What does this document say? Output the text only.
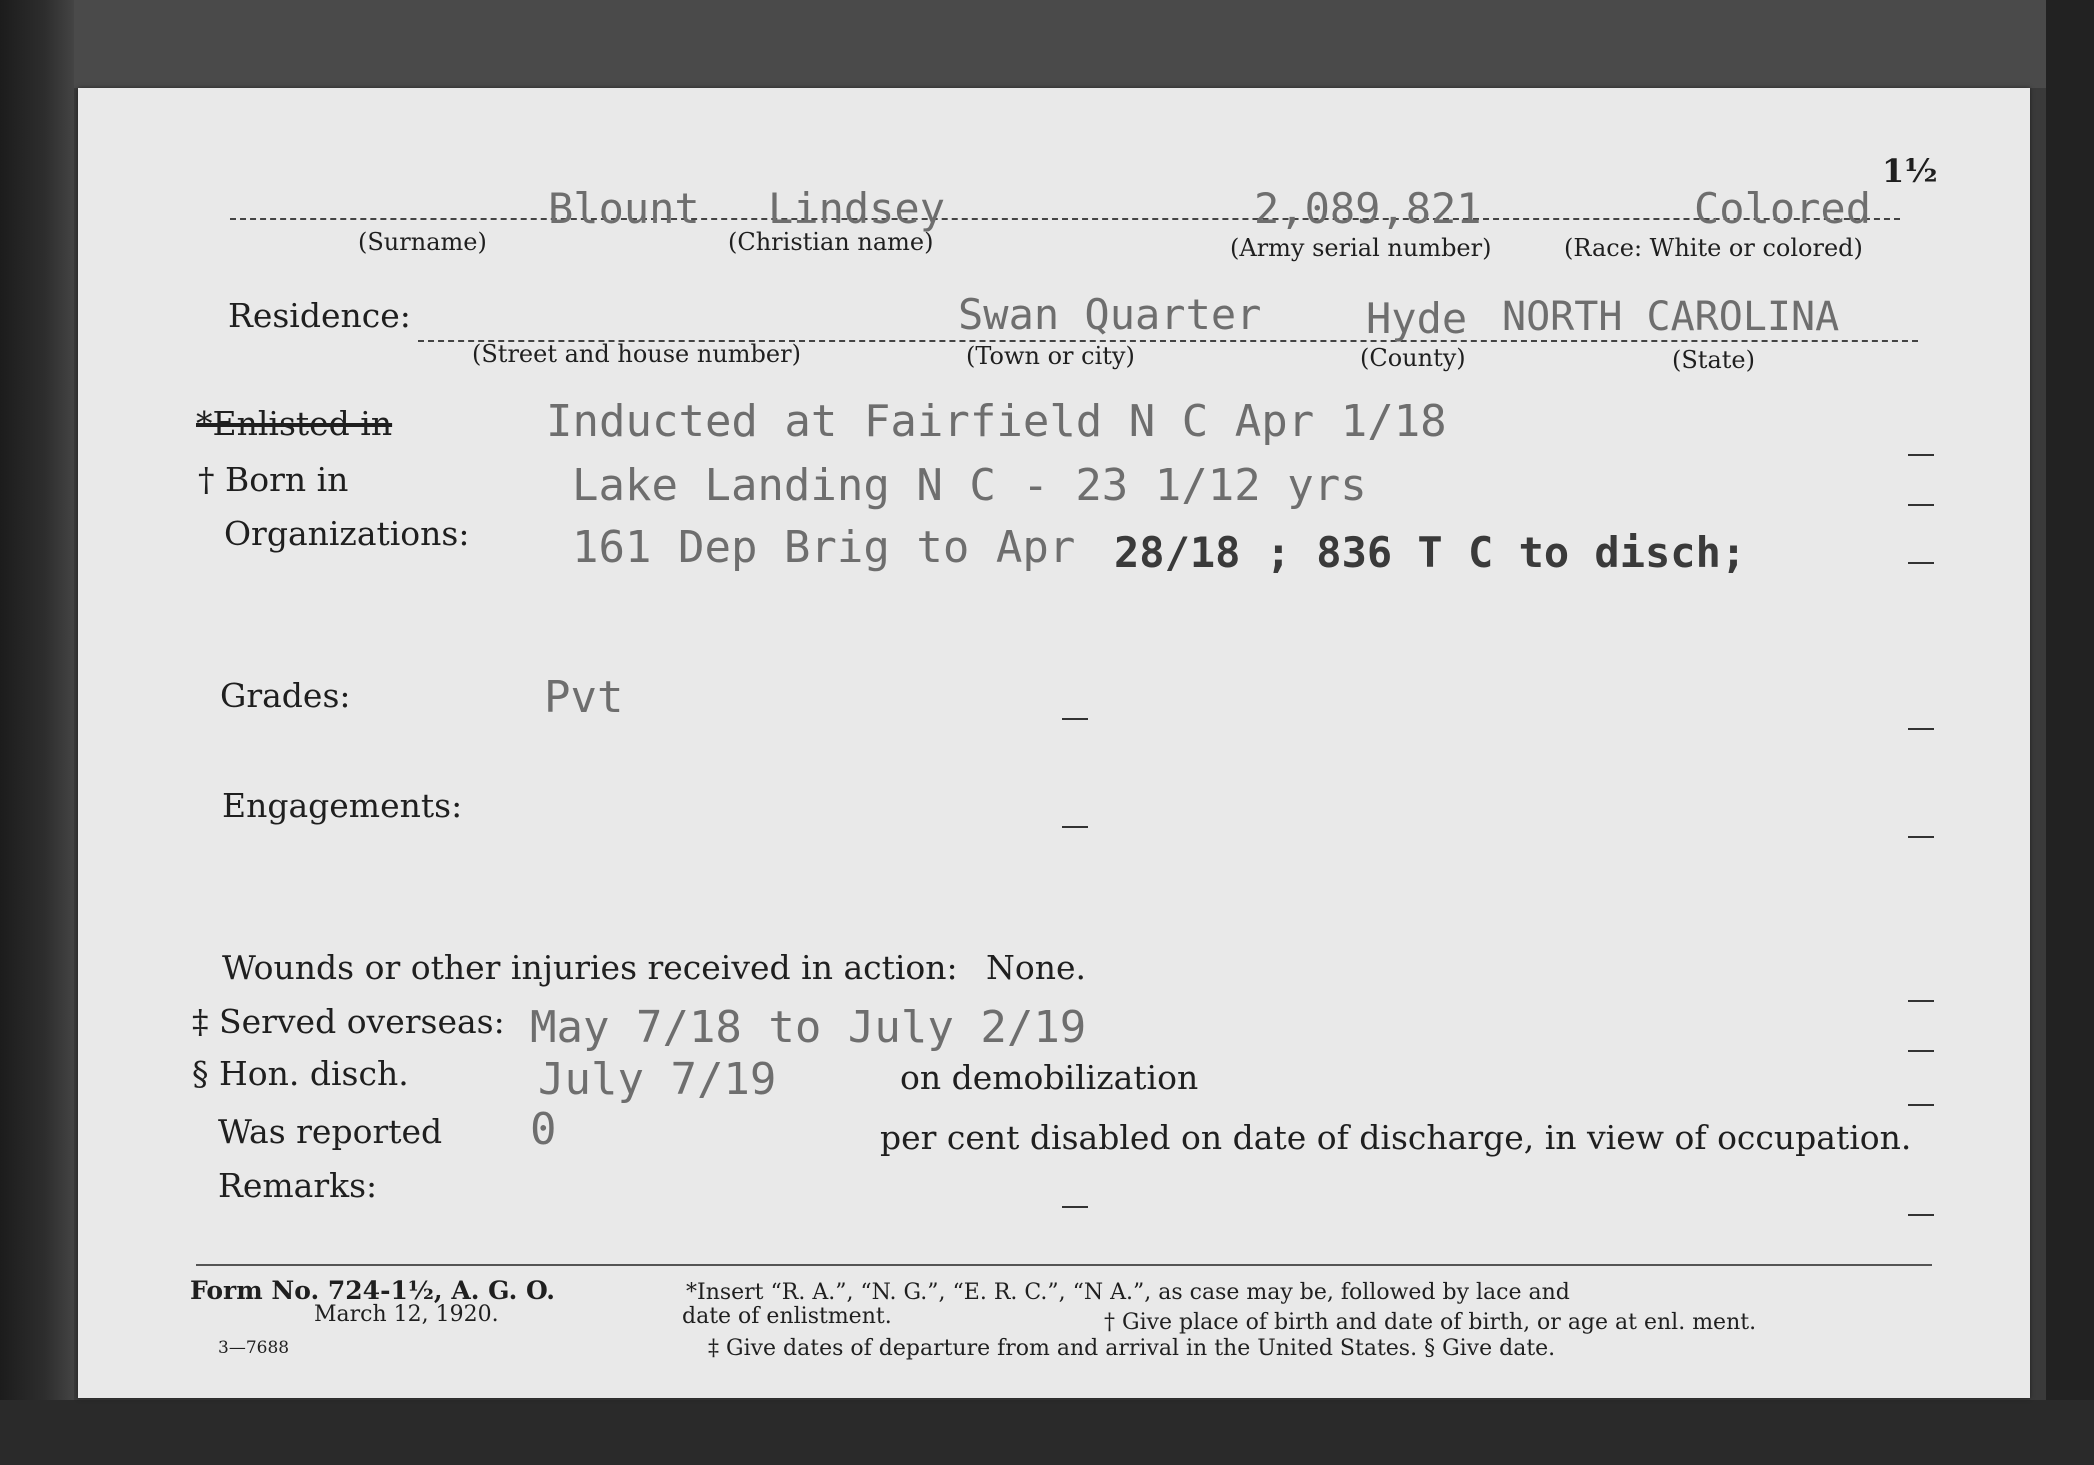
1½
Blount Lindsey	2,089,821	Colored
(Surname)	(Christian name)	(Army serial number)	(Race: White or colored)
Residence:	Swan Quarter Hyde NORTH CAROLINA
(Street and house number)	(Town or city)	(County)	(State)
*Enlisted in	Inducted at Fairfield N C Apr 1/18
† Born in	Lake Landing N C - 23 1/12 yrs
Organizations: 161 Dep Brig to Apr 28/18 ; 836 T C to disch;
Grades:	Pvt
Engagements:
Wounds or other injuries received in action: None.
‡ Served overseas: May 7/18 to July 2/19
§ Hon. disch.	July 7/19	on demobilization
Was reported 0	per cent disabled on date of discharge, in view of occupation.
Remarks:
Form No. 724-1½, A. G. O.
March 12, 1920.
3—7688
*Insert “R. A.”, “N. G.”, “E. R. C.”, “N A.”, as case may be, followed by lace and
date of enlistment.	† Give place of birth and date of birth, or age at enl. ment.
‡ Give dates of departure from and arrival in the United States. § Give date.
